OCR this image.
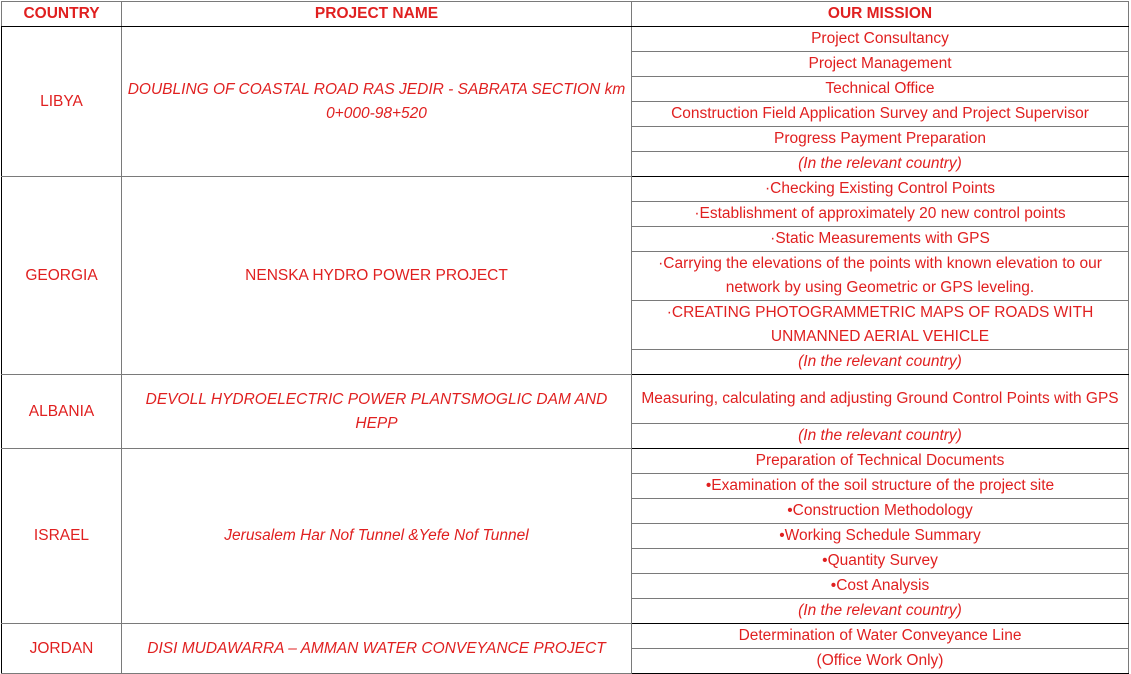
COUNTRY	PROJECT NAME	OUR MISSION
LIBYA	DOUBLING OF COASTAL ROAD RAS JEDIR - SABRATA SECTION km 0+000-98+520	Project Consultancy
		Project Management
		Technical Office
		Construction Field Application Survey and Project Supervisor
		Progress Payment Preparation
		(In the relevant country)
GEORGIA	NENSKA HYDRO POWER PROJECT	·Checking Existing Control Points
		·Establishment of approximately 20 new control points
		·Static Measurements with GPS
		·Carrying the elevations of the points with known elevation to our network by using Geometric or GPS leveling.
		·CREATING PHOTOGRAMMETRIC MAPS OF ROADS WITH UNMANNED AERIAL VEHICLE
		(In the relevant country)
ALBANIA	DEVOLL HYDROELECTRIC POWER PLANTSMOGLIC DAM AND HEPP	Measuring, calculating and adjusting Ground Control Points with GPS
		(In the relevant country)
ISRAEL	Jerusalem Har Nof Tunnel &Yefe Nof Tunnel	Preparation of Technical Documents
		•Examination of the soil structure of the project site
		•Construction Methodology
		•Working Schedule Summary
		•Quantity Survey
		•Cost Analysis
		(In the relevant country)
JORDAN	DISI MUDAWARRA – AMMAN WATER CONVEYANCE PROJECT	Determination of Water Conveyance Line
		(Office Work Only)
